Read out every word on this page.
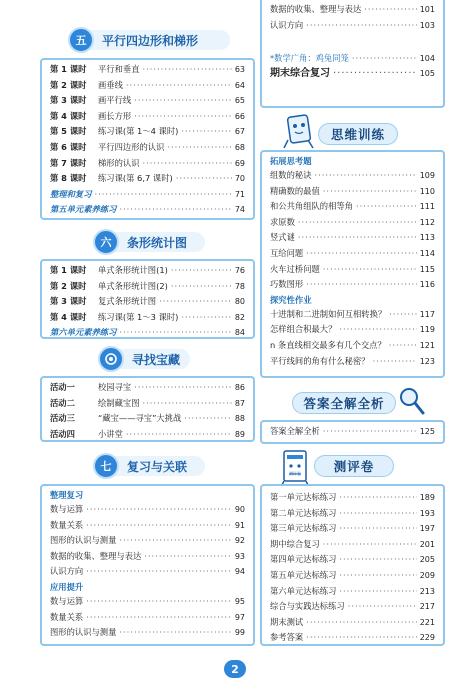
五	平行四边形和梯形
第 1 课时	平行和垂直 ·····	63
第 2 课时	画垂线 ·····	64
第 3 课时	画平行线 ·····	65
第 4 课时	画长方形 ·····	66
第 5 课时	练习课(第 1～4 课时) ·····	67
第 6 课时	平行四边形的认识 ·····	68
第 7 课时	梯形的认识 ·····	69
第 8 课时	练习课(第 6,7 课时) ·····	70
整理和复习 ·····	71
第五单元素养练习 ·····	74
六	条形统计图
第 1 课时	单式条形统计图(1) ·····	76
第 2 课时	单式条形统计图(2) ·····	78
第 3 课时	复式条形统计图 ·····	80
第 4 课时	练习课(第 1～3 课时) ·····	82
第六单元素养练习 ·····	84
寻找宝藏
活动一	校园寻宝 ·····	86
活动二	绘制藏宝图 ·····	87
活动三	“藏宝——寻宝”大挑战 ·····	88
活动四	小讲堂 ·····	89
七	复习与关联
整理复习
数与运算 ·····	90
数量关系 ·····	91
图形的认识与测量 ·····	92
数据的收集、整理与表达 ·····	93
认识方向 ·····	94
应用提升
数与运算 ·····	95
数量关系 ·····	97
图形的认识与测量 ·····	99
数据的收集、整理与表达 ·····	101
认识方向 ·····	103
*数学广角：鸡兔同笼 ·····	104
期末综合复习 ·····	105
思维训练
拓展思考题
组数的秘诀 ·····	109
精确数的最值 ·····	110
和公共角组队的相等角 ·····	111
求原数 ·····	112
竖式谜 ·····	113
互给问题 ·····	114
火车过桥问题 ·····	115
巧数图形 ·····	116
探究性作业
十进制和二进制如何互相转换？ ·····	117
怎样组合积最大？ ·····	119
n 条直线相交最多有几个交点？ ·····	121
平行线间的角有什么秘密？ ·····	123
答案全解全析
答案全解全析 ·····	125
测评卷	测评卷
第一单元达标练习 ·····	189
第二单元达标练习 ·····	193
第三单元达标练习 ·····	197
期中综合复习 ·····	201
第四单元达标练习 ·····	205
第五单元达标练习 ·····	209
第六单元达标练习 ·····	213
综合与实践达标练习 ·····	217
期末测试 ·····	221
参考答案 ·····	229
2
